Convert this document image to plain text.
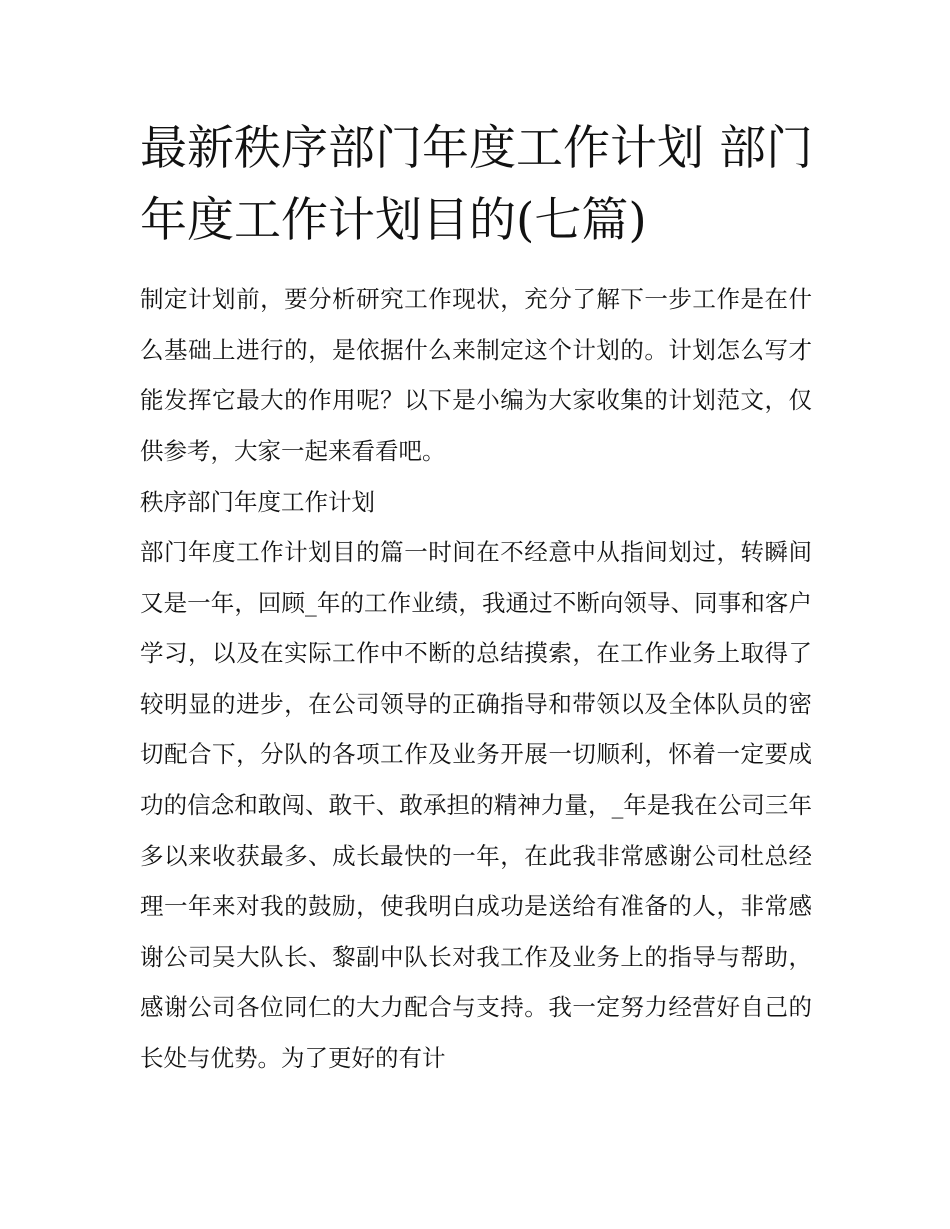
最新秩序部门年度工作计划 部门年度工作计划目的(七篇)

制定计划前，要分析研究工作现状，充分了解下一步工作是在什么基础上进行的，是依据什么来制定这个计划的。计划怎么写才能发挥它最大的作用呢？以下是小编为大家收集的计划范文，仅供参考，大家一起来看看吧。

秩序部门年度工作计划

部门年度工作计划目的篇一时间在不经意中从指间划过，转瞬间又是一年，回顾_年的工作业绩，我通过不断向领导、同事和客户学习，以及在实际工作中不断的总结摸索，在工作业务上取得了较明显的进步，在公司领导的正确指导和带领以及全体队员的密切配合下，分队的各项工作及业务开展一切顺利，怀着一定要成功的信念和敢闯、敢干、敢承担的精神力量，_年是我在公司三年多以来收获最多、成长最快的一年，在此我非常感谢公司杜总经理一年来对我的鼓励，使我明白成功是送给有准备的人，非常感谢公司吴大队长、黎副中队长对我工作及业务上的指导与帮助，感谢公司各位同仁的大力配合与支持。我一定努力经营好自己的长处与优势。为了更好的有计
